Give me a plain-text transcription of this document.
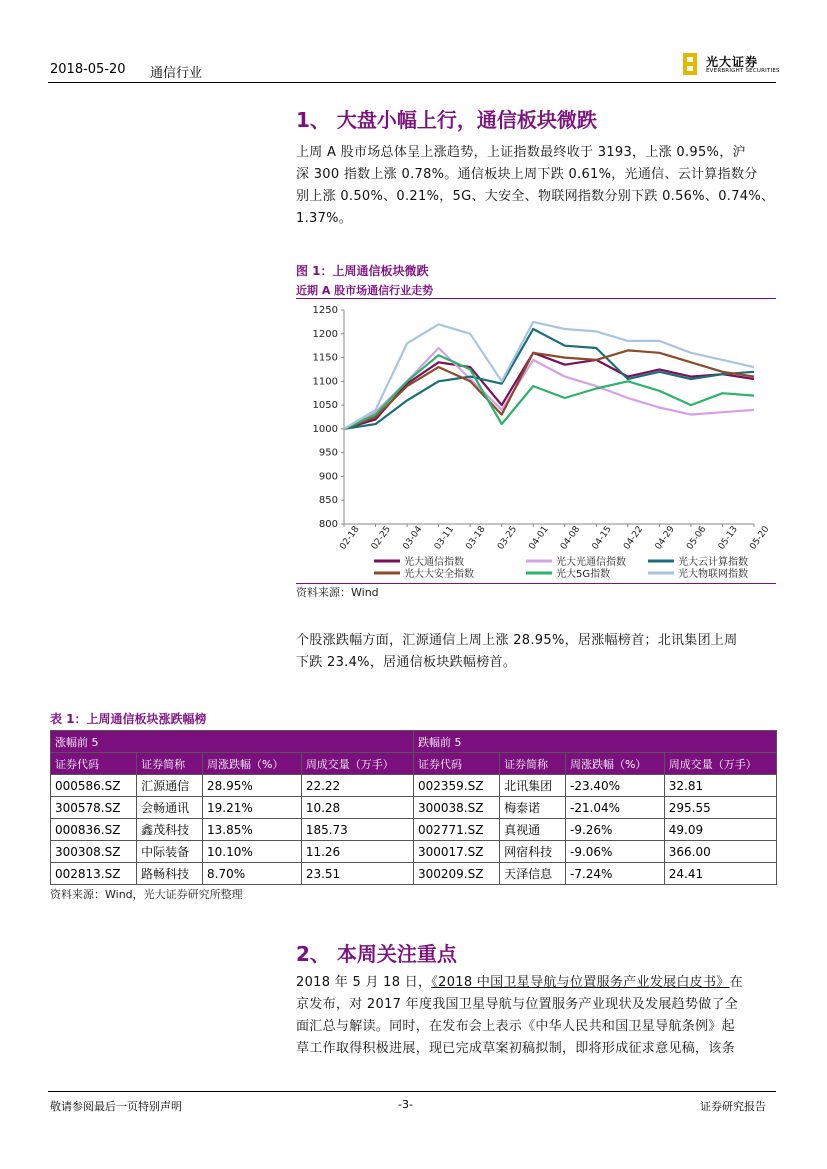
2018-05-20 通信行业
光大证券
EVERBRIGHT SECURITIES
1、 大盘小幅上行，通信板块微跌
上周 A 股市场总体呈上涨趋势，上证指数最终收于 3193，上涨 0.95%，沪
深 300 指数上涨 0.78%。通信板块上周下跌 0.61%，光通信、云计算指数分
别上涨 0.50%、0.21%，5G、大安全、物联网指数分别下跌 0.56%、0.74%、
1.37%。
图 1：上周通信板块微跌
近期 A 股市场通信行业走势
800
850
900
950
1000
1050
1100
1150
1200
1250
02-18 02-25 03-04 03-11 03-18 03-25 04-01 04-08 04-15 04-22 04-29 05-06 05-13 05-20
光大通信指数	光大光通信指数	光大云计算指数
光大大安全指数	光大5G指数	光大物联网指数
资料来源：Wind
个股涨跌幅方面，汇源通信上周上涨 28.95%，居涨幅榜首；北讯集团上周
下跌 23.4%，居通信板块跌幅榜首。
表 1：上周通信板块涨跌幅榜
涨幅前 5				跌幅前 5			
证券代码	证券简称	周涨跌幅（%）	周成交量（万手）	证券代码	证券简称	周涨跌幅（%）	周成交量（万手）
000586.SZ	汇源通信	28.95%	22.22	002359.SZ	北讯集团	-23.40%	32.81
300578.SZ	会畅通讯	19.21%	10.28	300038.SZ	梅泰诺	-21.04%	295.55
000836.SZ	鑫茂科技	13.85%	185.73	002771.SZ	真视通	-9.26%	49.09
300308.SZ	中际装备	10.10%	11.26	300017.SZ	网宿科技	-9.06%	366.00
002813.SZ	路畅科技	8.70%	23.51	300209.SZ	天泽信息	-7.24%	24.41
资料来源：Wind，光大证券研究所整理
2、 本周关注重点
2018 年 5 月 18 日，《2018 中国卫星导航与位置服务产业发展白皮书》在
京发布，对 2017 年度我国卫星导航与位置服务产业现状及发展趋势做了全
面汇总与解读。同时，在发布会上表示《中华人民共和国卫星导航条例》起
草工作取得积极进展，现已完成草案初稿拟制，即将形成征求意见稿，该条
敬请参阅最后一页特别声明	-3-	证券研究报告
